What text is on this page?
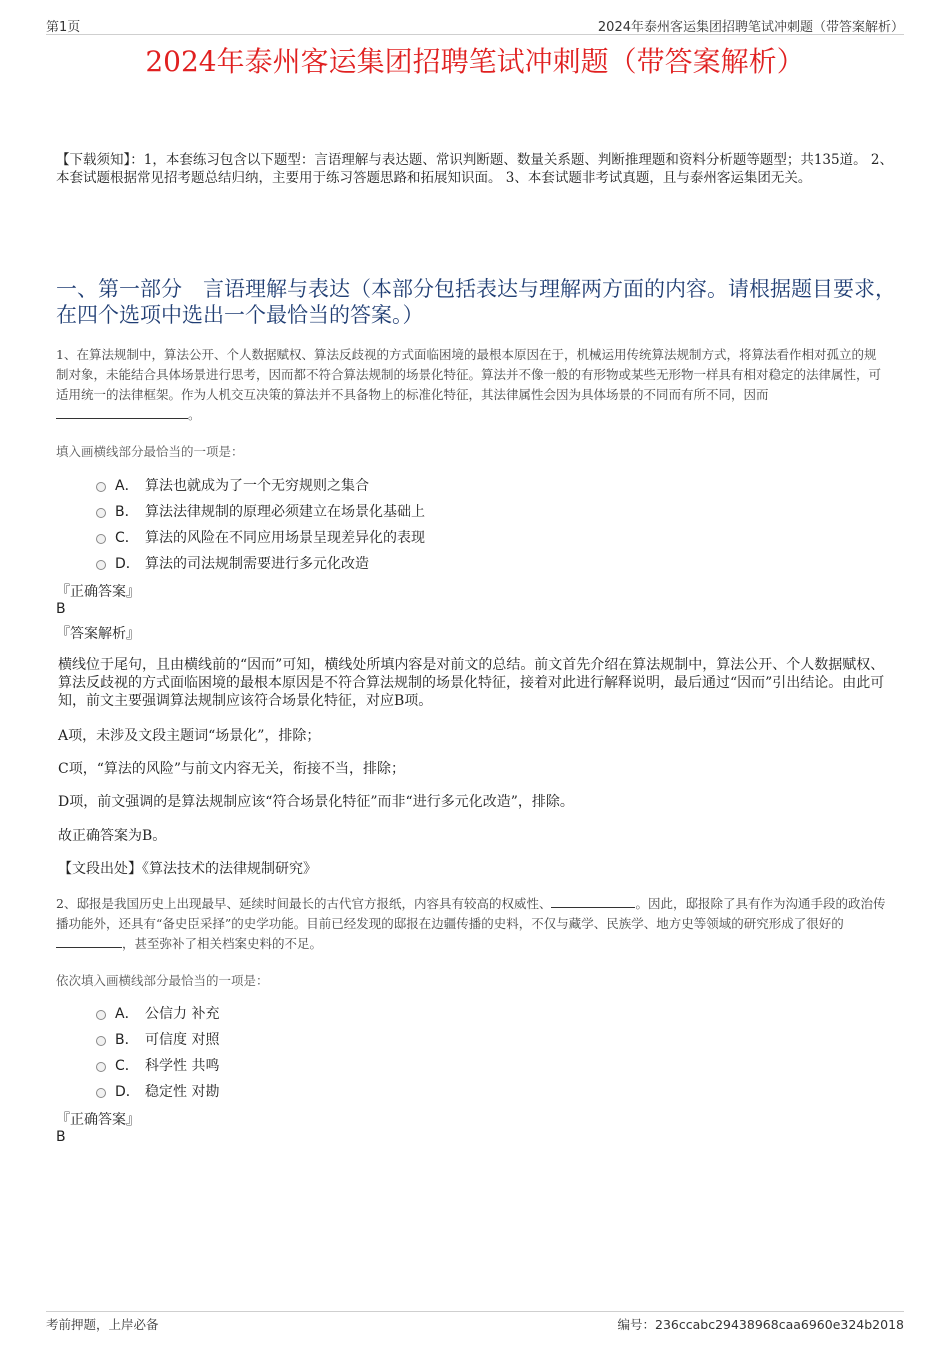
第1页	2024年泰州客运集团招聘笔试冲刺题（带答案解析）
2024年泰州客运集团招聘笔试冲刺题（带答案解析）
【下载须知】：1，本套练习包含以下题型：言语理解与表达题、常识判断题、数量关系题、判断推理题和资料分析题等题型；共135道。 2、本套试题根据常见招考题总结归纳，主要用于练习答题思路和拓展知识面。 3、本套试题非考试真题，且与泰州客运集团无关。
一、第一部分　言语理解与表达（本部分包括表达与理解两方面的内容。请根据题目要求，在四个选项中选出一个最恰当的答案。）
1、在算法规制中，算法公开、个人数据赋权、算法反歧视的方式面临困境的最根本原因在于，机械运用传统算法规制方式，将算法看作相对孤立的规制对象，未能结合具体场景进行思考，因而都不符合算法规制的场景化特征。算法并不像一般的有形物或某些无形物一样具有相对稳定的法律属性，可适用统一的法律框架。作为人机交互决策的算法并不具备物上的标准化特征，其法律属性会因为具体场景的不同而有所不同，因而。
填入画横线部分最恰当的一项是：
A． 算法也就成为了一个无穷规则之集合
B． 算法法律规制的原理必须建立在场景化基础上
C． 算法的风险在不同应用场景呈现差异化的表现
D． 算法的司法规制需要进行多元化改造
『正确答案』
B
『答案解析』
横线位于尾句，且由横线前的“因而”可知，横线处所填内容是对前文的总结。前文首先介绍在算法规制中，算法公开、个人数据赋权、算法反歧视的方式面临困境的最根本原因是不符合算法规制的场景化特征，接着对此进行解释说明，最后通过“因而”引出结论。由此可知，前文主要强调算法规制应该符合场景化特征，对应B项。
A项，未涉及文段主题词“场景化”，排除；
C项，“算法的风险”与前文内容无关，衔接不当，排除；
D项，前文强调的是算法规制应该“符合场景化特征”而非“进行多元化改造”，排除。
故正确答案为B。
【文段出处】《算法技术的法律规制研究》
2、邸报是我国历史上出现最早、延续时间最长的古代官方报纸，内容具有较高的权威性、	。因此，邸报除了具有作为沟通手段的政治传播功能外，还具有“备史臣采择”的史学功能。目前已经发现的邸报在边疆传播的史料，不仅与藏学、民族学、地方史等领域的研究形成了很好的，甚至弥补了相关档案史料的不足。
依次填入画横线部分最恰当的一项是：
A． 公信力 补充
B． 可信度 对照
C． 科学性 共鸣
D． 稳定性 对勘
『正确答案』
B
考前押题，上岸必备	编号：236ccabc29438968caa6960e324b2018
